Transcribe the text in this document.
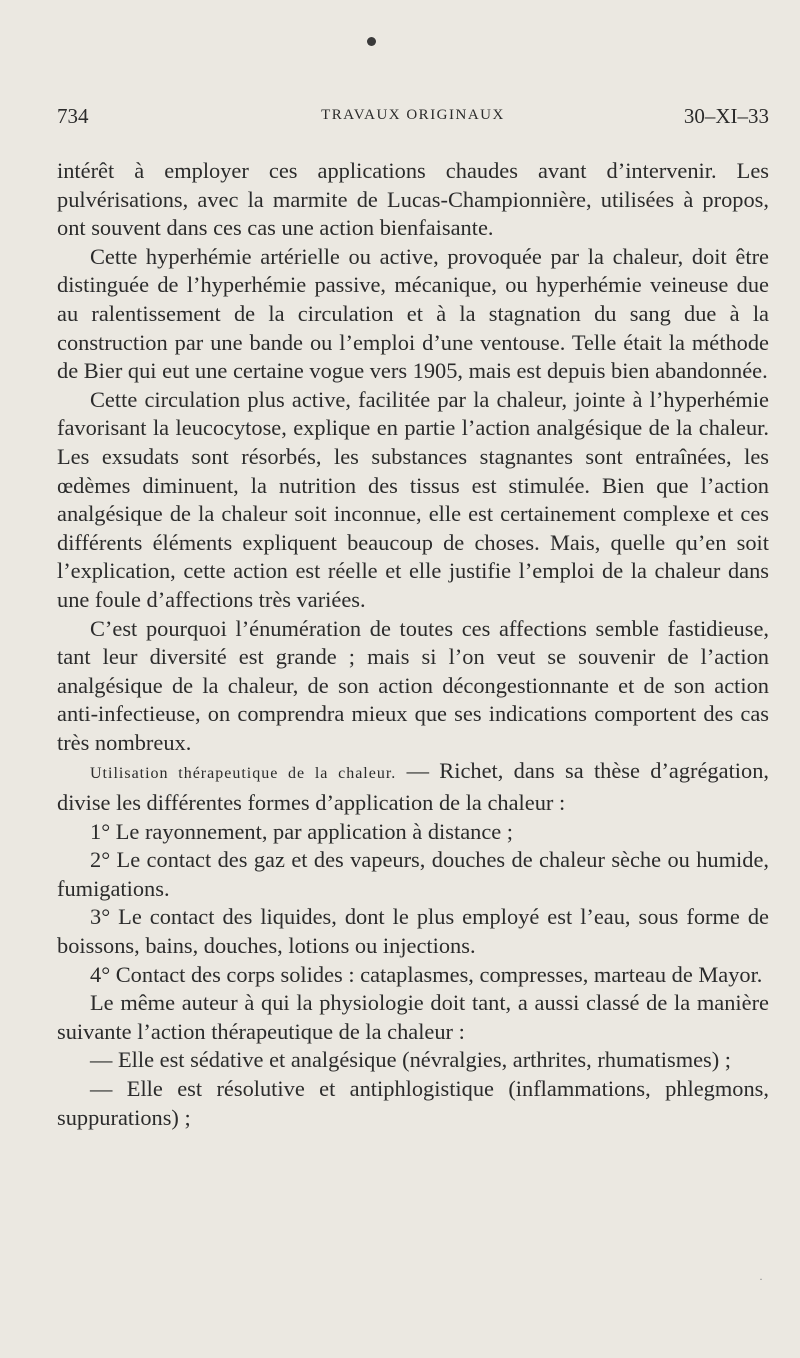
734	TRAVAUX ORIGINAUX	30–XI–33

intérêt à employer ces applications chaudes avant d’intervenir. Les pulvérisations, avec la marmite de Lucas-Championnière, utilisées à propos, ont souvent dans ces cas une action bienfaisante.

Cette hyperhémie artérielle ou active, provoquée par la chaleur, doit être distinguée de l’hyperhémie passive, mécanique, ou hyperhémie veineuse due au ralentissement de la circulation et à la stagnation du sang due à la construction par une bande ou l’emploi d’une ventouse. Telle était la méthode de Bier qui eut une certaine vogue vers 1905, mais est depuis bien abandonnée.

Cette circulation plus active, facilitée par la chaleur, jointe à l’hyperhémie favorisant la leucocytose, explique en partie l’action analgésique de la chaleur. Les exsudats sont résorbés, les substances stagnantes sont entraînées, les œdèmes diminuent, la nutrition des tissus est stimulée. Bien que l’action analgésique de la chaleur soit inconnue, elle est certainement complexe et ces différents éléments expliquent beaucoup de choses. Mais, quelle qu’en soit l’explication, cette action est réelle et elle justifie l’emploi de la chaleur dans une foule d’affections très variées.

C’est pourquoi l’énumération de toutes ces affections semble fastidieuse, tant leur diversité est grande ; mais si l’on veut se souvenir de l’action analgésique de la chaleur, de son action décongestionnante et de son action anti-infectieuse, on comprendra mieux que ses indications comportent des cas très nombreux.

Utilisation thérapeutique de la chaleur. — Richet, dans sa thèse d’agrégation, divise les différentes formes d’application de la chaleur :

1° Le rayonnement, par application à distance ;

2° Le contact des gaz et des vapeurs, douches de chaleur sèche ou humide, fumigations.

3° Le contact des liquides, dont le plus employé est l’eau, sous forme de boissons, bains, douches, lotions ou injections.

4° Contact des corps solides : cataplasmes, compresses, marteau de Mayor.

Le même auteur à qui la physiologie doit tant, a aussi classé de la manière suivante l’action thérapeutique de la chaleur :

— Elle est sédative et analgésique (névralgies, arthrites, rhumatismes) ;

— Elle est résolutive et antiphlogistique (inflammations, phlegmons, suppurations) ;

·
